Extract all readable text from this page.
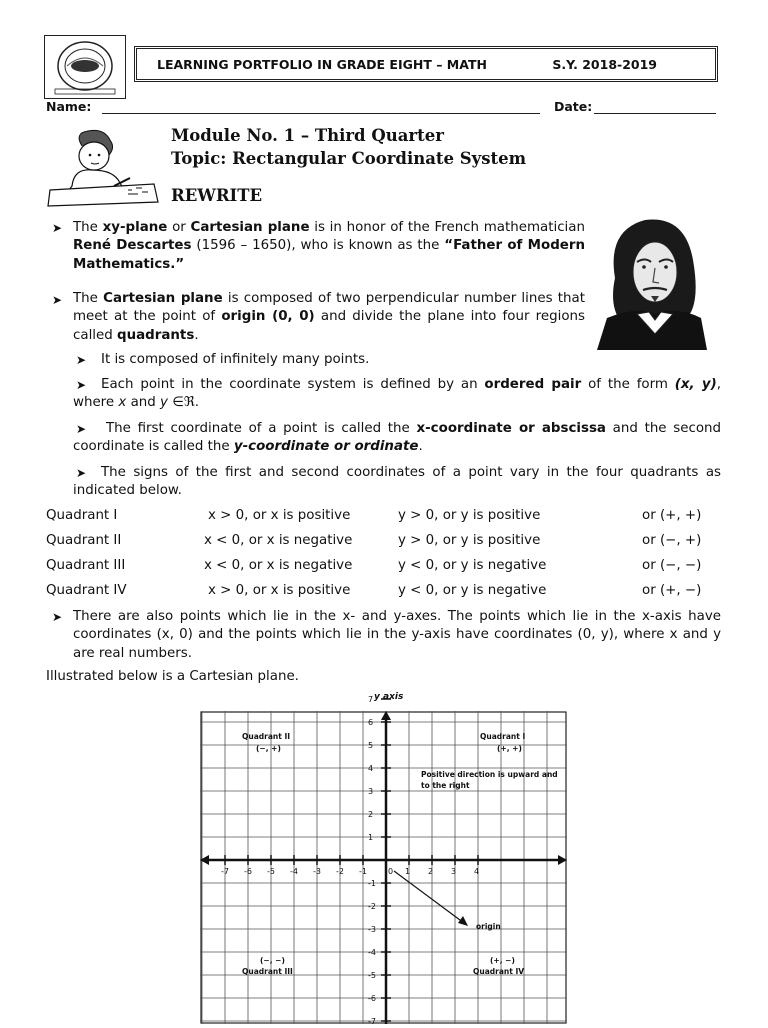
LEARNING PORTFOLIO IN GRADE EIGHT – MATH	S.Y. 2018-2019
Name:	Date:
Module No. 1 – Third Quarter
Topic: Rectangular Coordinate System
REWRITE
➤ The xy-plane or Cartesian plane is in honor of the French mathematician René Descartes (1596 – 1650), who is known as the “Father of Modern Mathematics.”
➤ The Cartesian plane is composed of two perpendicular number lines that meet at the point of origin (0, 0) and divide the plane into four regions called quadrants.
➤ It is composed of infinitely many points.
➤	Each point in the coordinate system is defined by an ordered pair of the form (x, y), where x and y ∈ℜ.
➤	The first coordinate of a point is called the x-coordinate or abscissa and the second coordinate is called the y-coordinate or ordinate.
➤	The signs of the first and second coordinates of a point vary in the four quadrants as indicated below.
Quadrant I	x > 0, or x is positive	y > 0, or y is positive	or (+, +)
Quadrant II	x < 0, or x is negative	y > 0, or y is positive	or (−, +)
Quadrant III	x < 0, or x is negative	y < 0, or y is negative	or (−, −)
Quadrant IV	x > 0, or x is positive	y < 0, or y is negative	or (+, −)
➤ There are also points which lie in the x- and y-axes. The points which lie in the x-axis have coordinates (x, 0) and the points which lie in the y-axis have coordinates (0, y), where x and y are real numbers.
Illustrated below is a Cartesian plane.
y axis
-7 -6 -5 -4 -3 -2 -1	0 1 2 3 4
7
6
5
4
3
2
1
-1
-2
-3
-4
-5
-6
-7
Quadrant II
(−, +)
Quadrant I
(+, +)
Positive direction is upward and
to the right
origin
(−, −)
Quadrant III
(+, −)
Quadrant IV
